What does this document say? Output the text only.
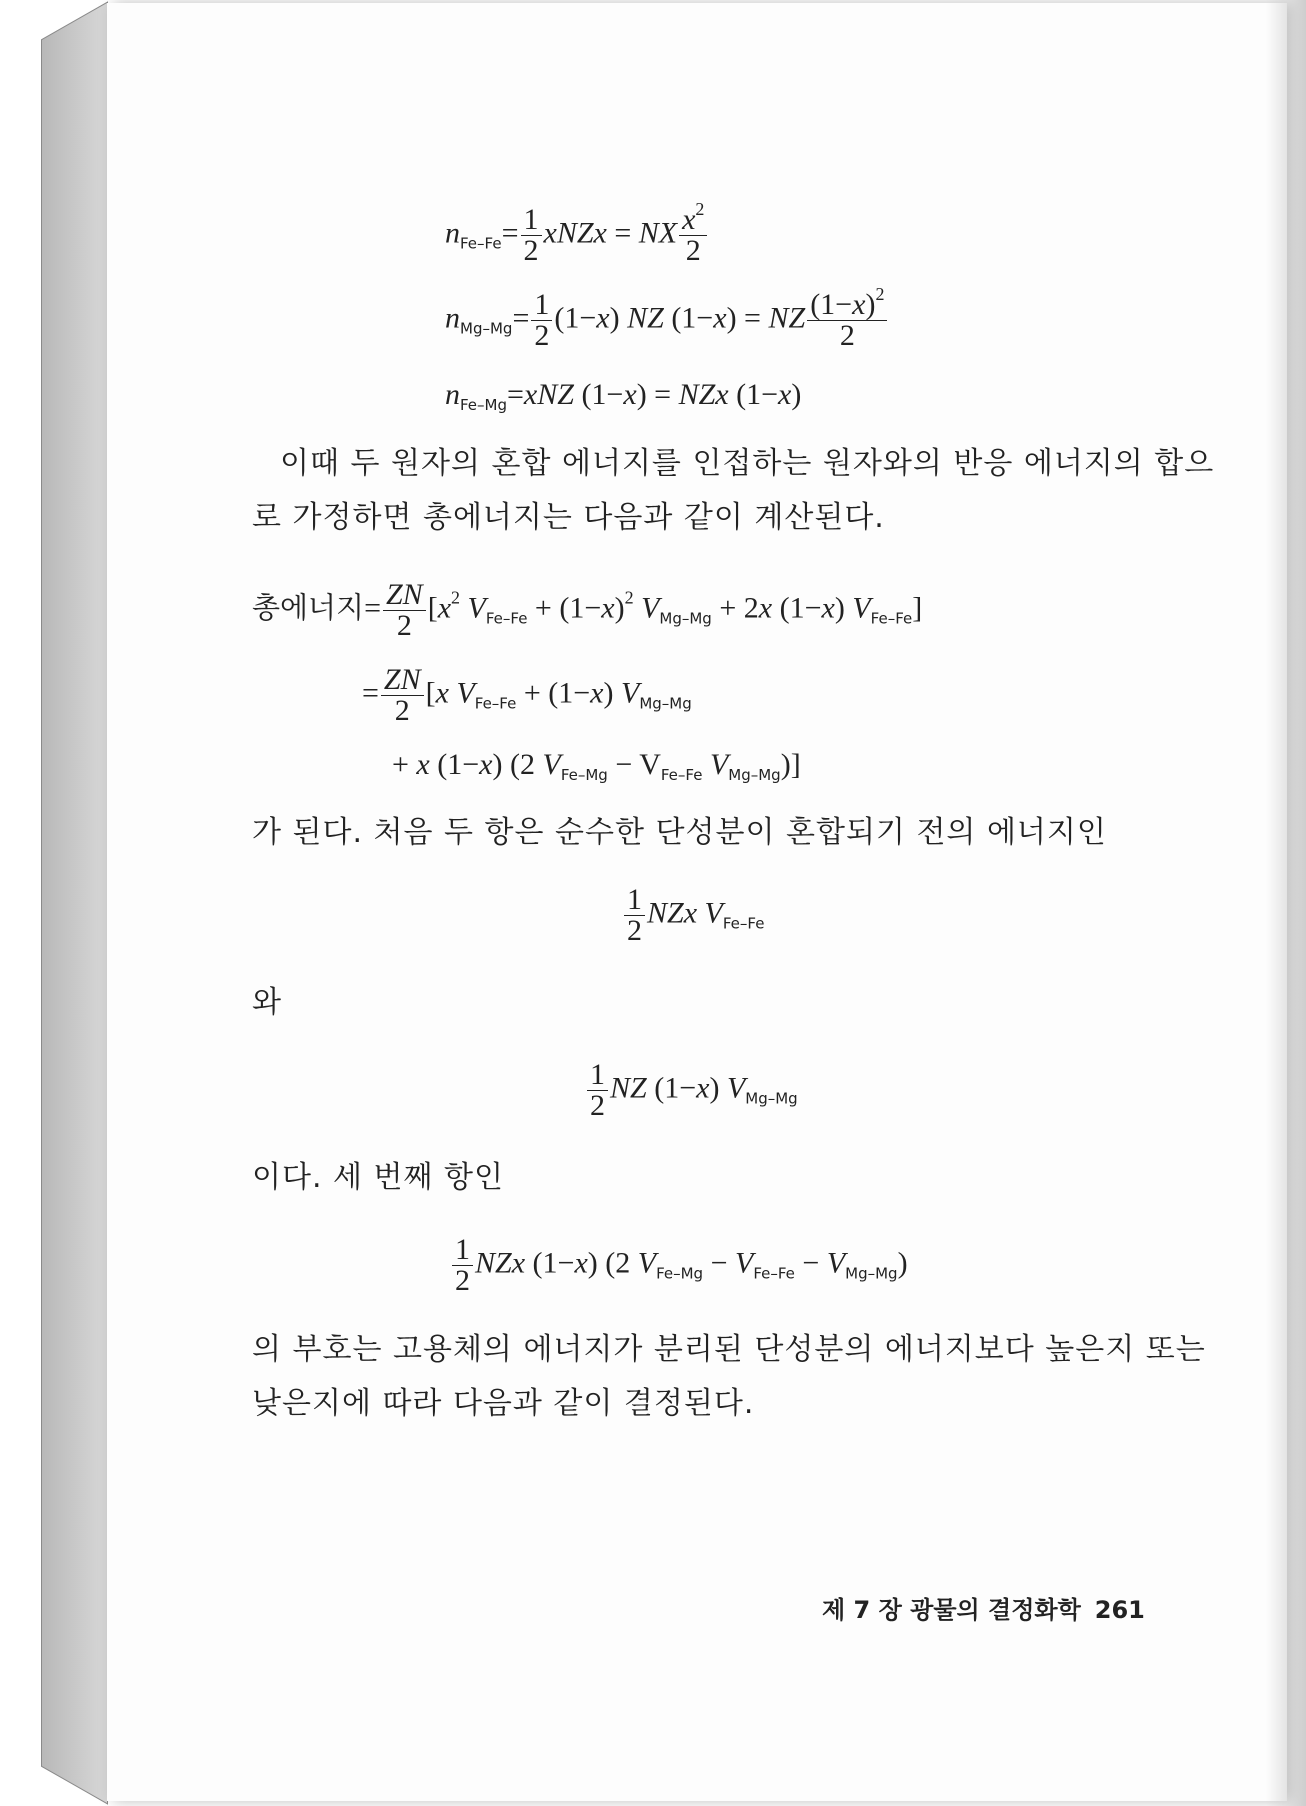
$n_{Fe-Fe}= \frac{1}{2}$ xNZx = NX $\frac{x^2}{2}$
$n_{Mg-Mg}= \frac{1}{2} (1-x)$ NZ (1−x) = NZ $\frac{(1-x)^2}{2}$
$n_{Fe-Mg}=xNZ$ (1−x) = NZx (1−x)
이때 두 원자의 혼합 에너지를 인접하는 원자와의 반응 에너지의 합으
로 가정하면 총에너지는 다음과 같이 계산된다.
총에너지= $\frac{ZN}{2} [x^2$ $V_{Fe-Fe} + (1-x)^2$ $V_{Mg-Mg} + 2x$ (1−x) $V_{Fe-Fe}$]
= $\frac{ZN}{2} [x$ $V_{Fe-Fe} + (1-x)$ $V_{Mg-Mg}$
+ x (1−x) (2 $V_{Fe-Mg} - V_{Fe-Fe}$ $V_{Mg-Mg}$)]
가 된다. 처음 두 항은 순수한 단성분이 혼합되기 전의 에너지인
$\frac{1}{2}$ NZx $V_{Fe-Fe}$
와
$\frac{1}{2}$ NZ (1−x) $V_{Mg-Mg}$
이다. 세 번째 항인
$\frac{1}{2}$ NZx (1−x) (2 $V_{Fe-Mg} - V_{Fe-Fe} - V_{Mg-Mg}$)
의 부호는 고용체의 에너지가 분리된 단성분의 에너지보다 높은지 또는
낮은지에 따라 다음과 같이 결정된다.
제 7 장 광물의 결정화학 261
